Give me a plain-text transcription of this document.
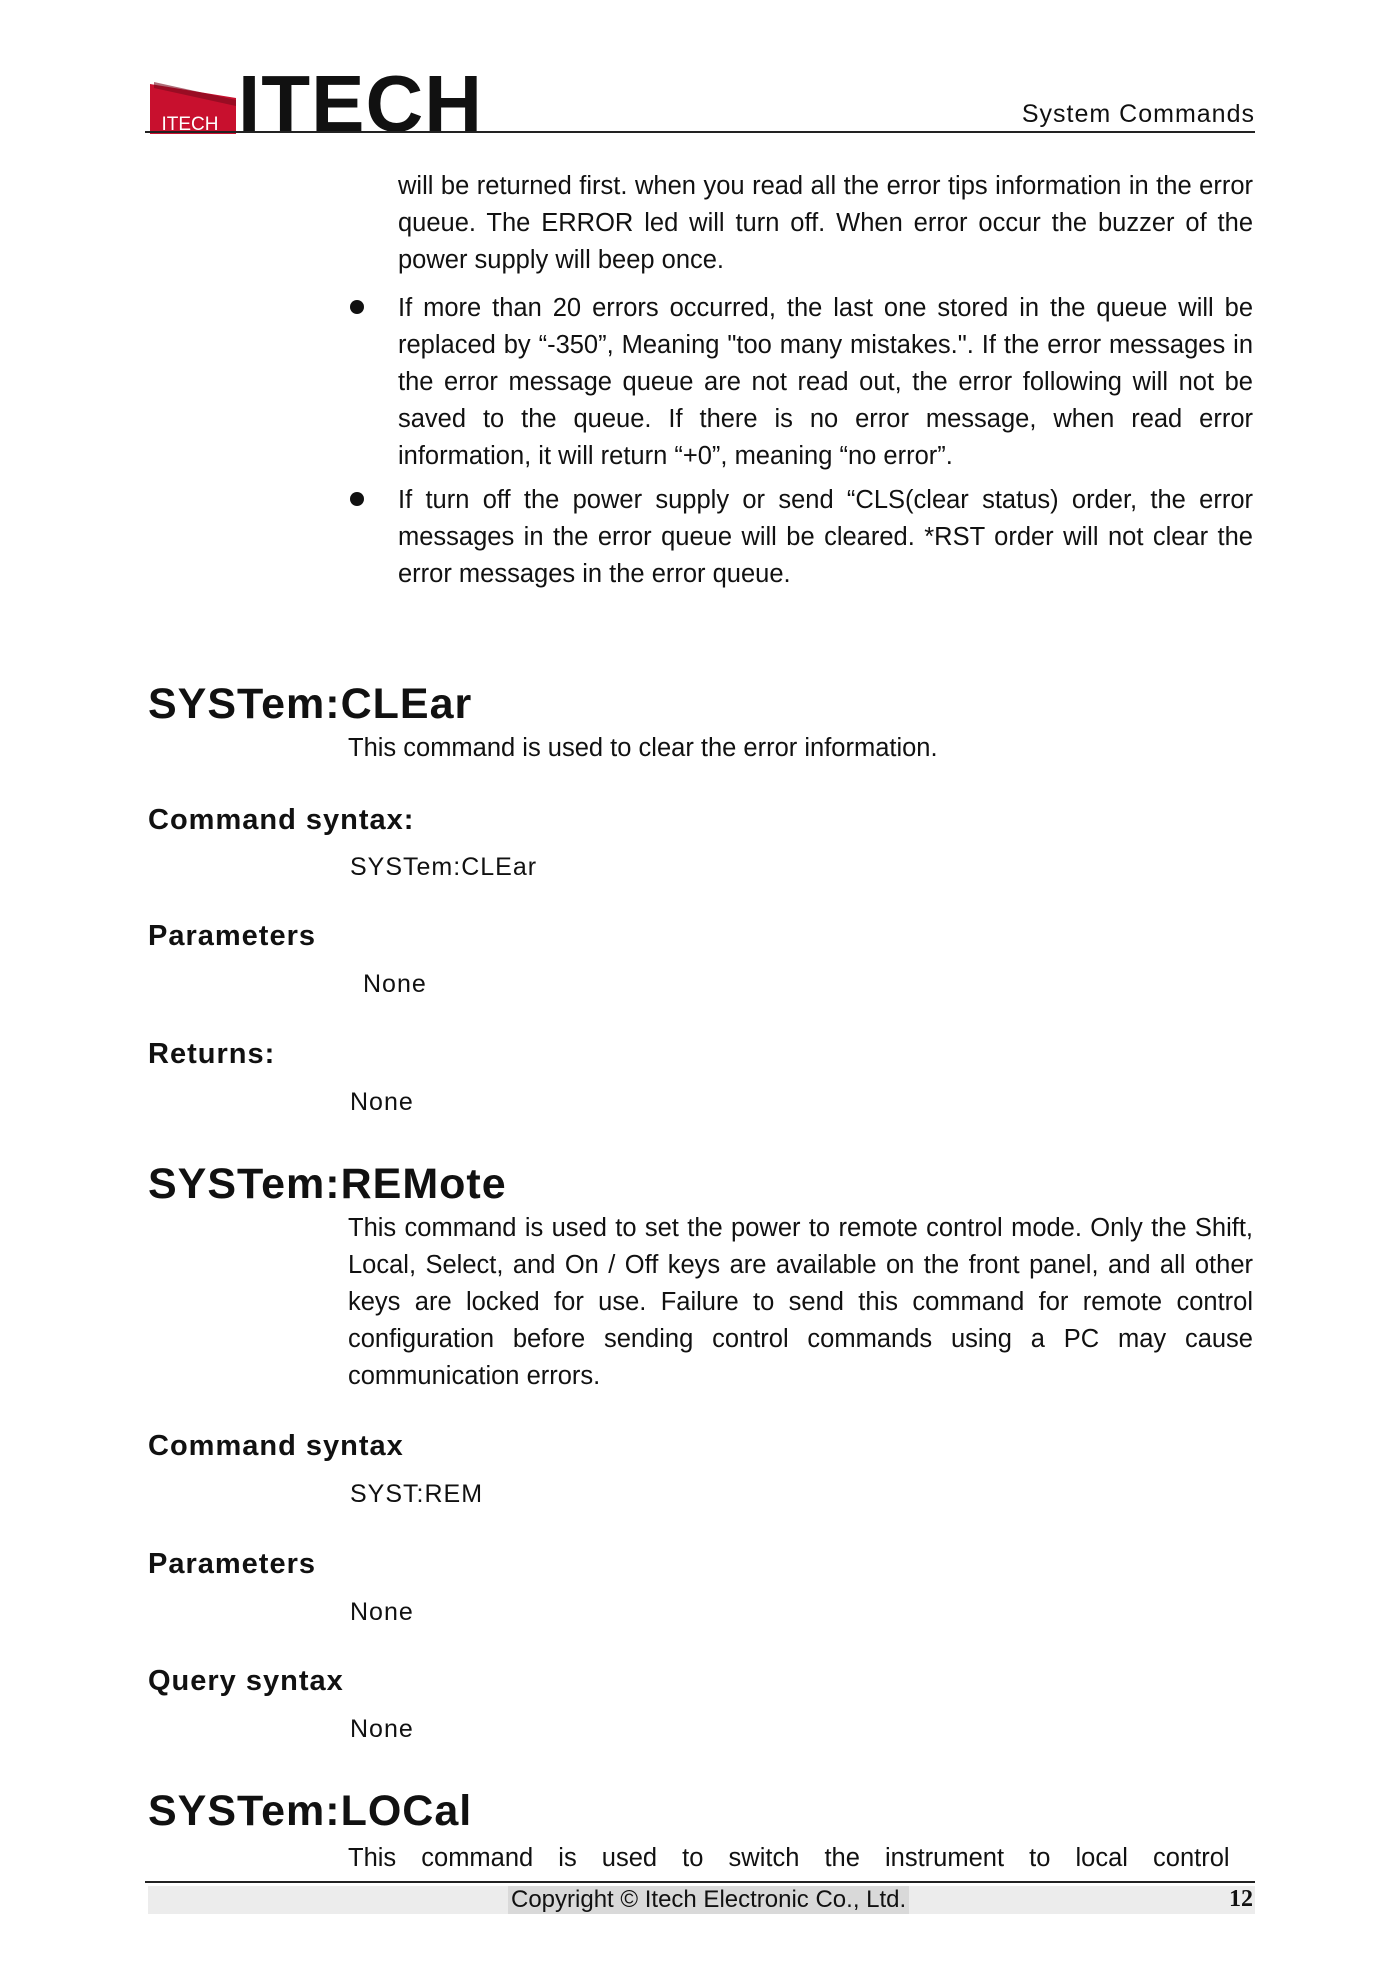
ITECH ITECH	System Commands

will be returned first. when you read all the error tips information in the error queue. The ERROR led will turn off. When error occur the buzzer of the power supply will beep once.

If more than 20 errors occurred, the last one stored in the queue will be replaced by “-350”, Meaning "too many mistakes.". If the error messages in the error message queue are not read out, the error following will not be saved to the queue. If there is no error message, when read error information, it will return “+0”, meaning “no error”.

If turn off the power supply or send “CLS(clear status) order, the error messages in the error queue will be cleared. *RST order will not clear the error messages in the error queue.

SYSTem:CLEar

This command is used to clear the error information.

Command syntax:

SYSTem:CLEar

Parameters

None

Returns:

None

SYSTem:REMote

This command is used to set the power to remote control mode. Only the Shift, Local, Select, and On / Off keys are available on the front panel, and all other keys are locked for use. Failure to send this command for remote control configuration before sending control commands using a PC may cause communication errors.

Command syntax

SYST:REM

Parameters

None

Query syntax

None

SYSTem:LOCal

This command is used to switch the instrument to local control

Copyright © Itech Electronic Co., Ltd.	12
